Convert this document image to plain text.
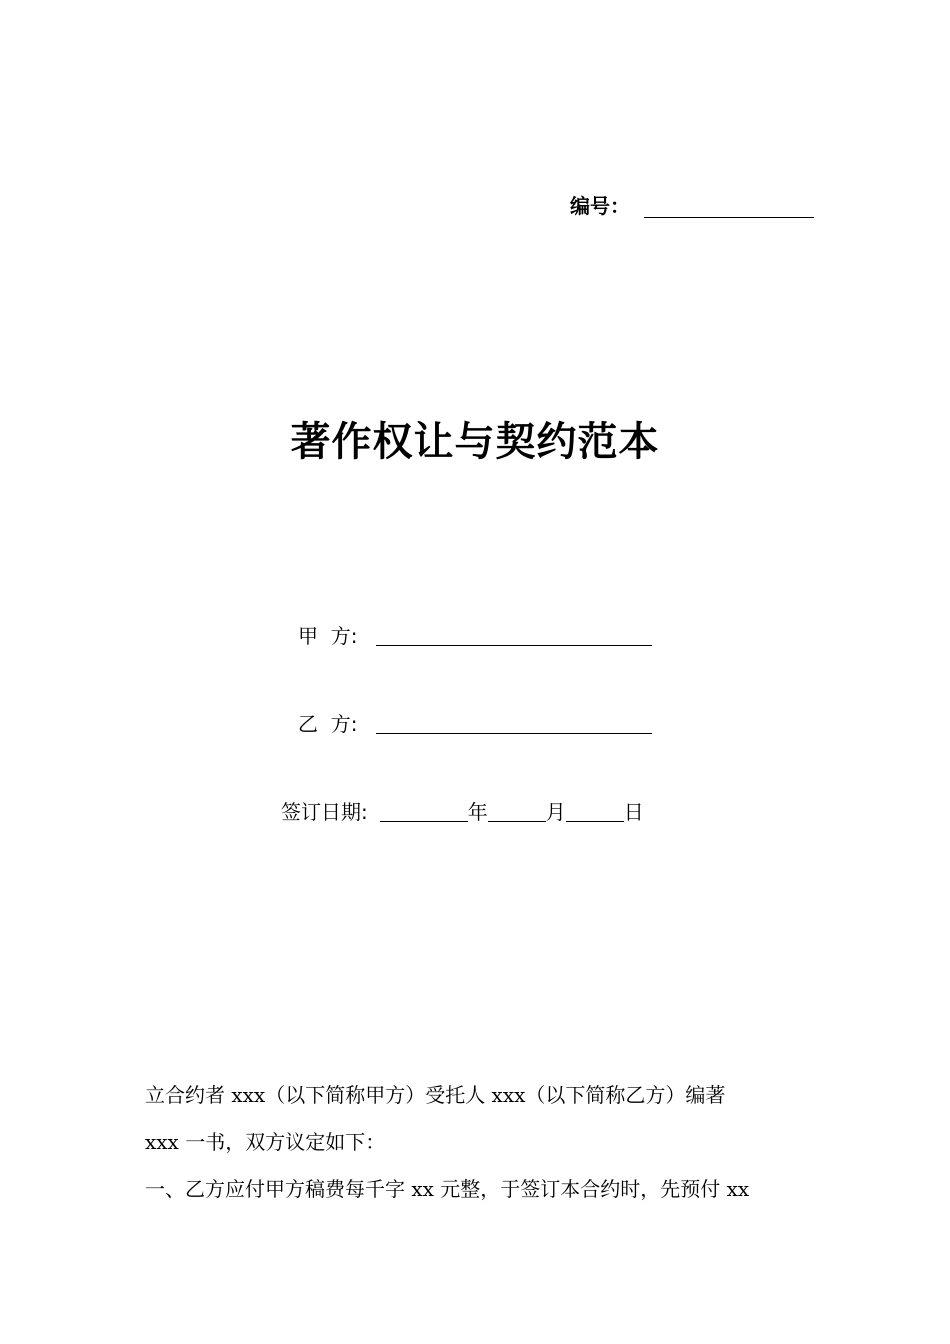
编号：
著作权让与契约范本
甲  方:
乙  方:
签订日期:	年	月	日

立合约者 xxx（以下简称甲方）受托人 xxx（以下简称乙方）编著

xxx 一书，双方议定如下：

一、乙方应付甲方稿费每千字 xx 元整，于签订本合约时，先预付 xx
